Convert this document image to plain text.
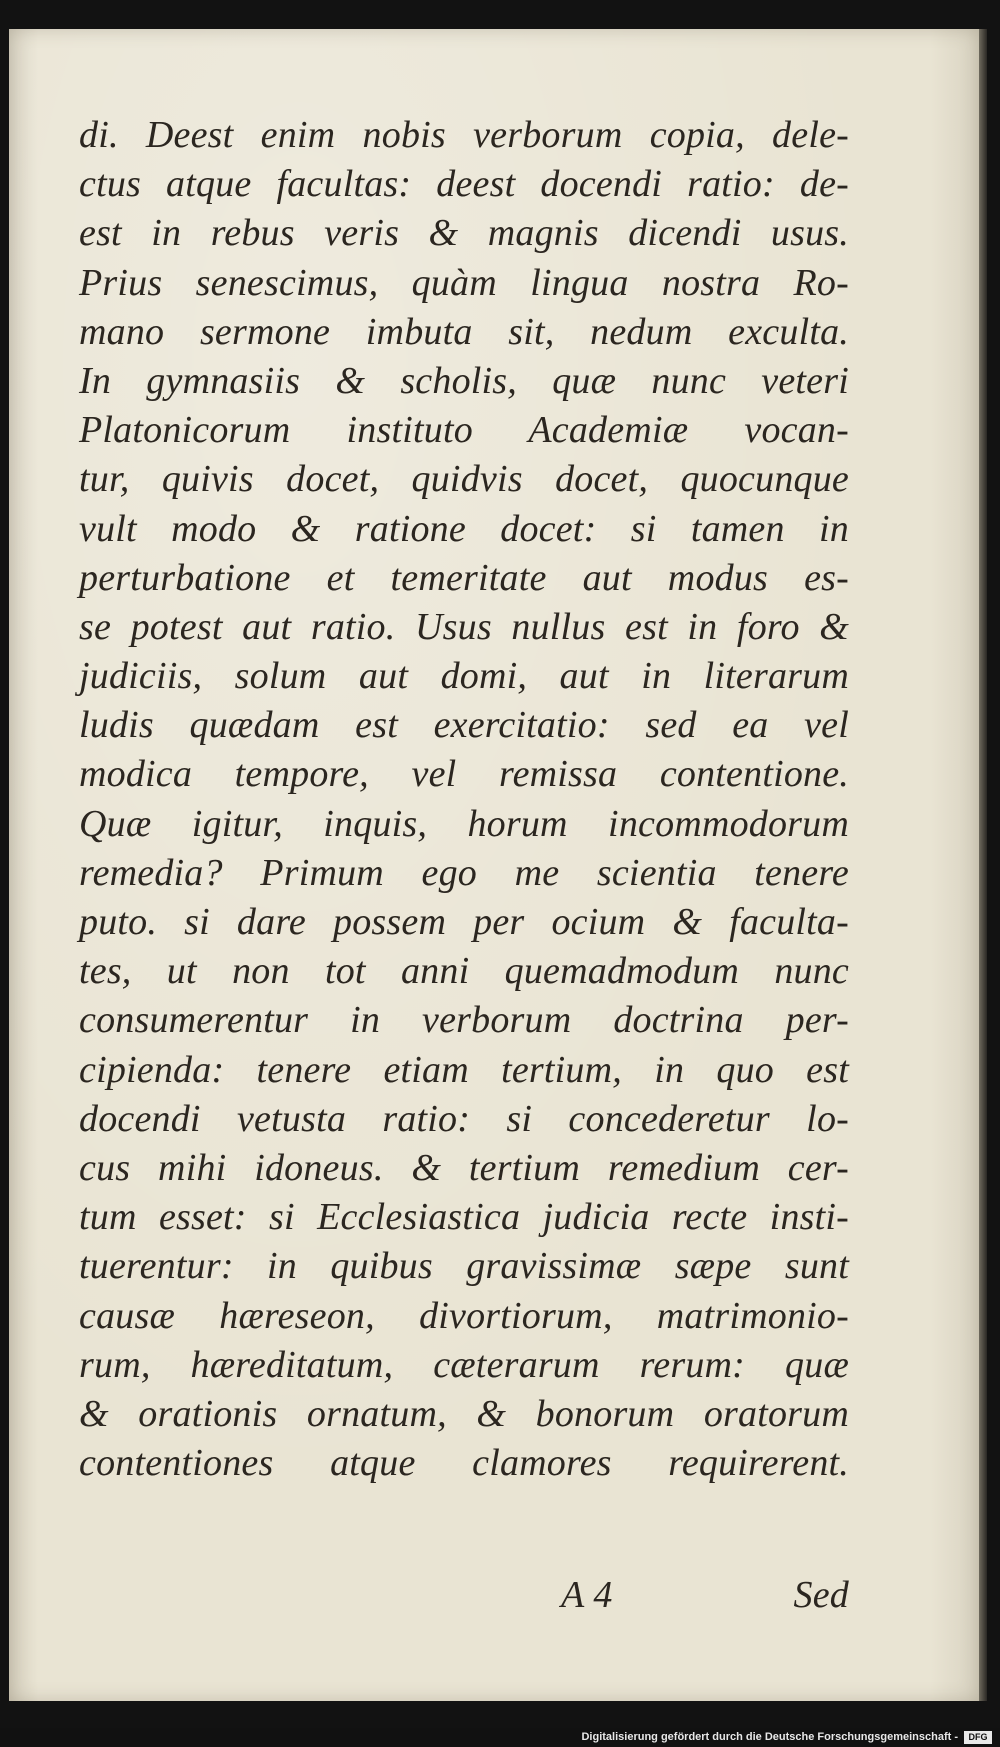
di. Deest enim nobis verborum copia, dele-
ctus atque facultas: deest docendi ratio: de-
est in rebus veris & magnis dicendi usus.
Prius senescimus, quàm lingua nostra Ro-
mano sermone imbuta sit, nedum exculta.
In gymnasiis & scholis, quæ nunc veteri
Platonicorum instituto Academiæ vocan-
tur, quivis docet, quidvis docet, quocunque
vult modo & ratione docet: si tamen in
perturbatione et temeritate aut modus es-
se potest aut ratio. Usus nullus est in foro &
judiciis, solum aut domi, aut in literarum
ludis quædam est exercitatio: sed ea vel
modica tempore, vel remissa contentione.
Quæ igitur, inquis, horum incommodorum
remedia? Primum ego me scientia tenere
puto. si dare possem per ocium & faculta-
tes, ut non tot anni quemadmodum nunc
consumerentur in verborum doctrina per-
cipienda: tenere etiam tertium, in quo est
docendi vetusta ratio: si concederetur lo-
cus mihi idoneus. & tertium remedium cer-
tum esset: si Ecclesiastica judicia recte insti-
tuerentur: in quibus gravissimæ sæpe sunt
causæ hæreseon, divortiorum, matrimonio-
rum, hæreditatum, cæterarum rerum: quæ
& orationis ornatum, & bonorum oratorum
contentiones atque clamores requirerent.
A 4	Sed
Digitalisierung gefördert durch die Deutsche Forschungsgemeinschaft -	DFG
